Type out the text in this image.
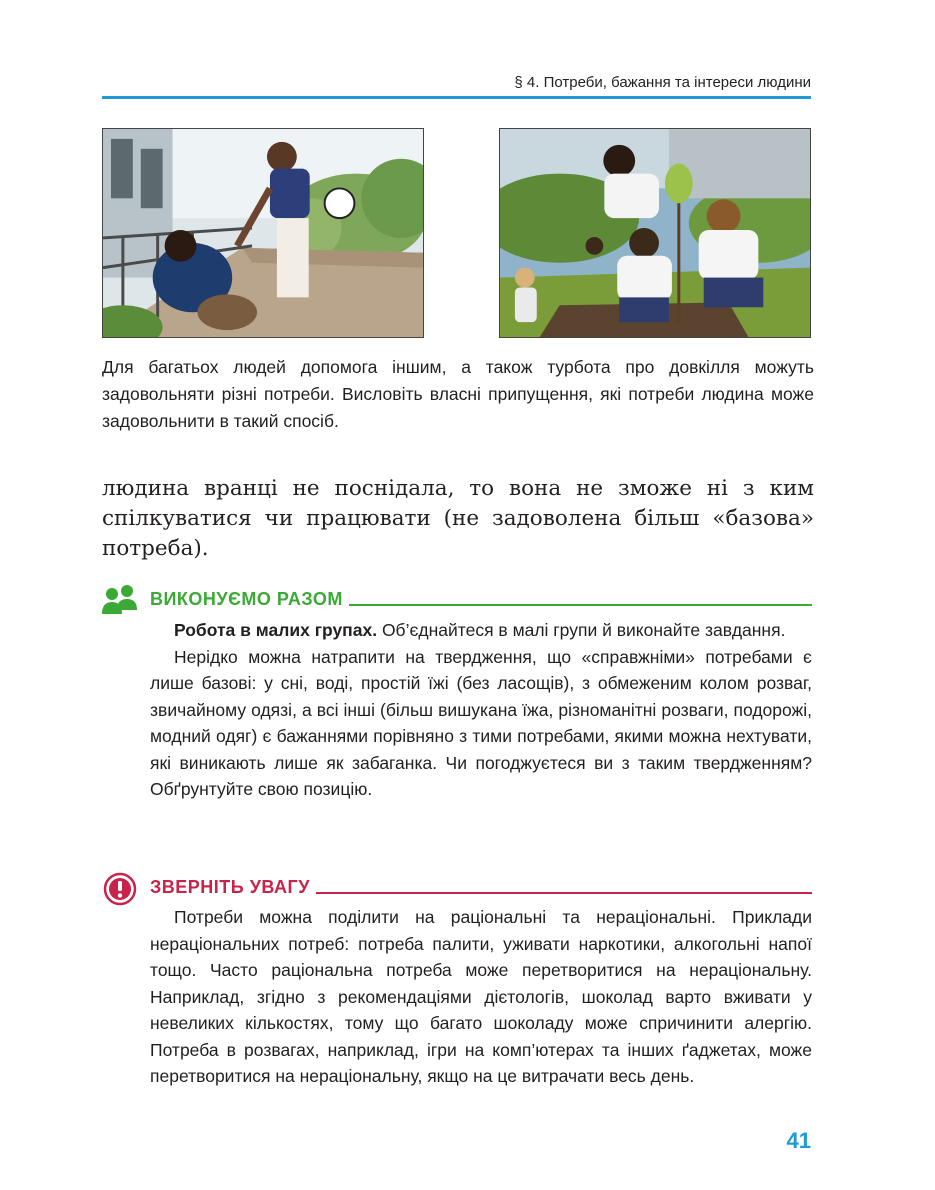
§ 4. Потреби, бажання та інтереси людини
Для багатьох людей допомога іншим, а також турбота про довкілля можуть задовольняти різні потреби. Висловіть власні припущення, які потреби людина може задовольнити в такий спосіб.
людина вранці не поснідала, то вона не зможе ні з ким спілкуватися чи працювати (не задоволена більш «базова» потреба).
ВИКОНУЄМО РАЗОМ

Робота в малих групах. Об’єднайтеся в малі групи й виконайте завдання.

Нерідко можна натрапити на твердження, що «справжніми» потребами є лише базові: у сні, воді, простій їжі (без ласощів), з обмеженим колом розваг, звичайному одязі, а всі інші (більш вишукана їжа, різноманітні розваги, подорожі, модний одяг) є бажаннями порівняно з тими потребами, якими можна нехтувати, які виникають лише як забаганка. Чи погоджуєтеся ви з таким твердженням? Обґрунтуйте свою позицію.

ЗВЕРНІТЬ УВАГУ

Потреби можна поділити на раціональні та нераціональні. Приклади нераціональних потреб: потреба палити, уживати наркотики, алкогольні напої тощо. Часто раціональна потреба може перетворитися на нераціональну. Наприклад, згідно з рекомендаціями дієтологів, шоколад варто вживати у невеликих кількостях, тому що багато шоколаду може спричинити алергію. Потреба в розвагах, наприклад, ігри на комп’ютерах та інших ґаджетах, може перетворитися на нераціональну, якщо на це витрачати весь день.

41
